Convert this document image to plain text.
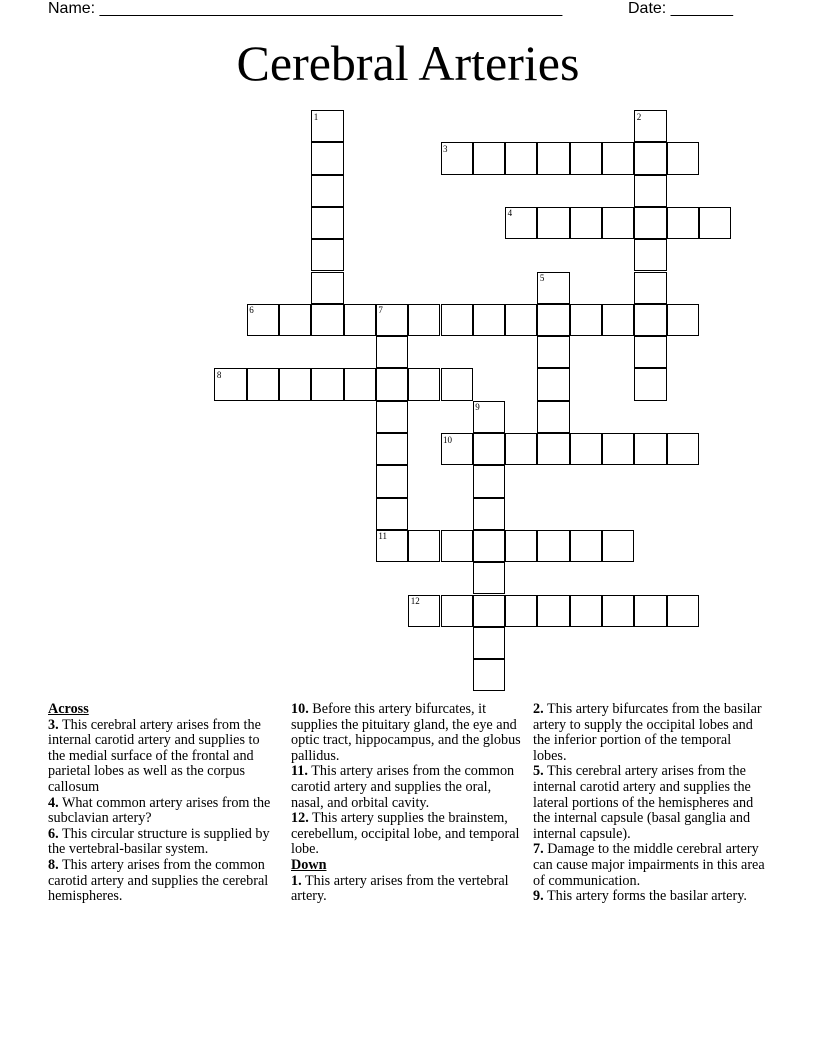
Name: ____________________________________________________	Date: _______
Cerebral Arteries
1	2
3
4
5
6	7
8
9
10
11
12
Across

3. This cerebral artery arises from the internal carotid artery and supplies to the medial surface of the frontal and parietal lobes as well as the corpus callosum

4. What common artery arises from the subclavian artery?

6. This circular structure is supplied by the vertebral-basilar system.

8. This artery arises from the common carotid artery and supplies the cerebral hemispheres.

10. Before this artery bifurcates, it supplies the pituitary gland, the eye and optic tract, hippocampus, and the globus pallidus.

11. This artery arises from the common carotid artery and supplies the oral, nasal, and orbital cavity.

12. This artery supplies the brainstem, cerebellum, occipital lobe, and temporal lobe.

Down

1. This artery arises from the vertebral artery.

2. This artery bifurcates from the basilar artery to supply the occipital lobes and the inferior portion of the temporal lobes.

5. This cerebral artery arises from the internal carotid artery and supplies the lateral portions of the hemispheres and the internal capsule (basal ganglia and internal capsule).

7. Damage to the middle cerebral artery can cause major impairments in this area of communication.

9. This artery forms the basilar artery.
